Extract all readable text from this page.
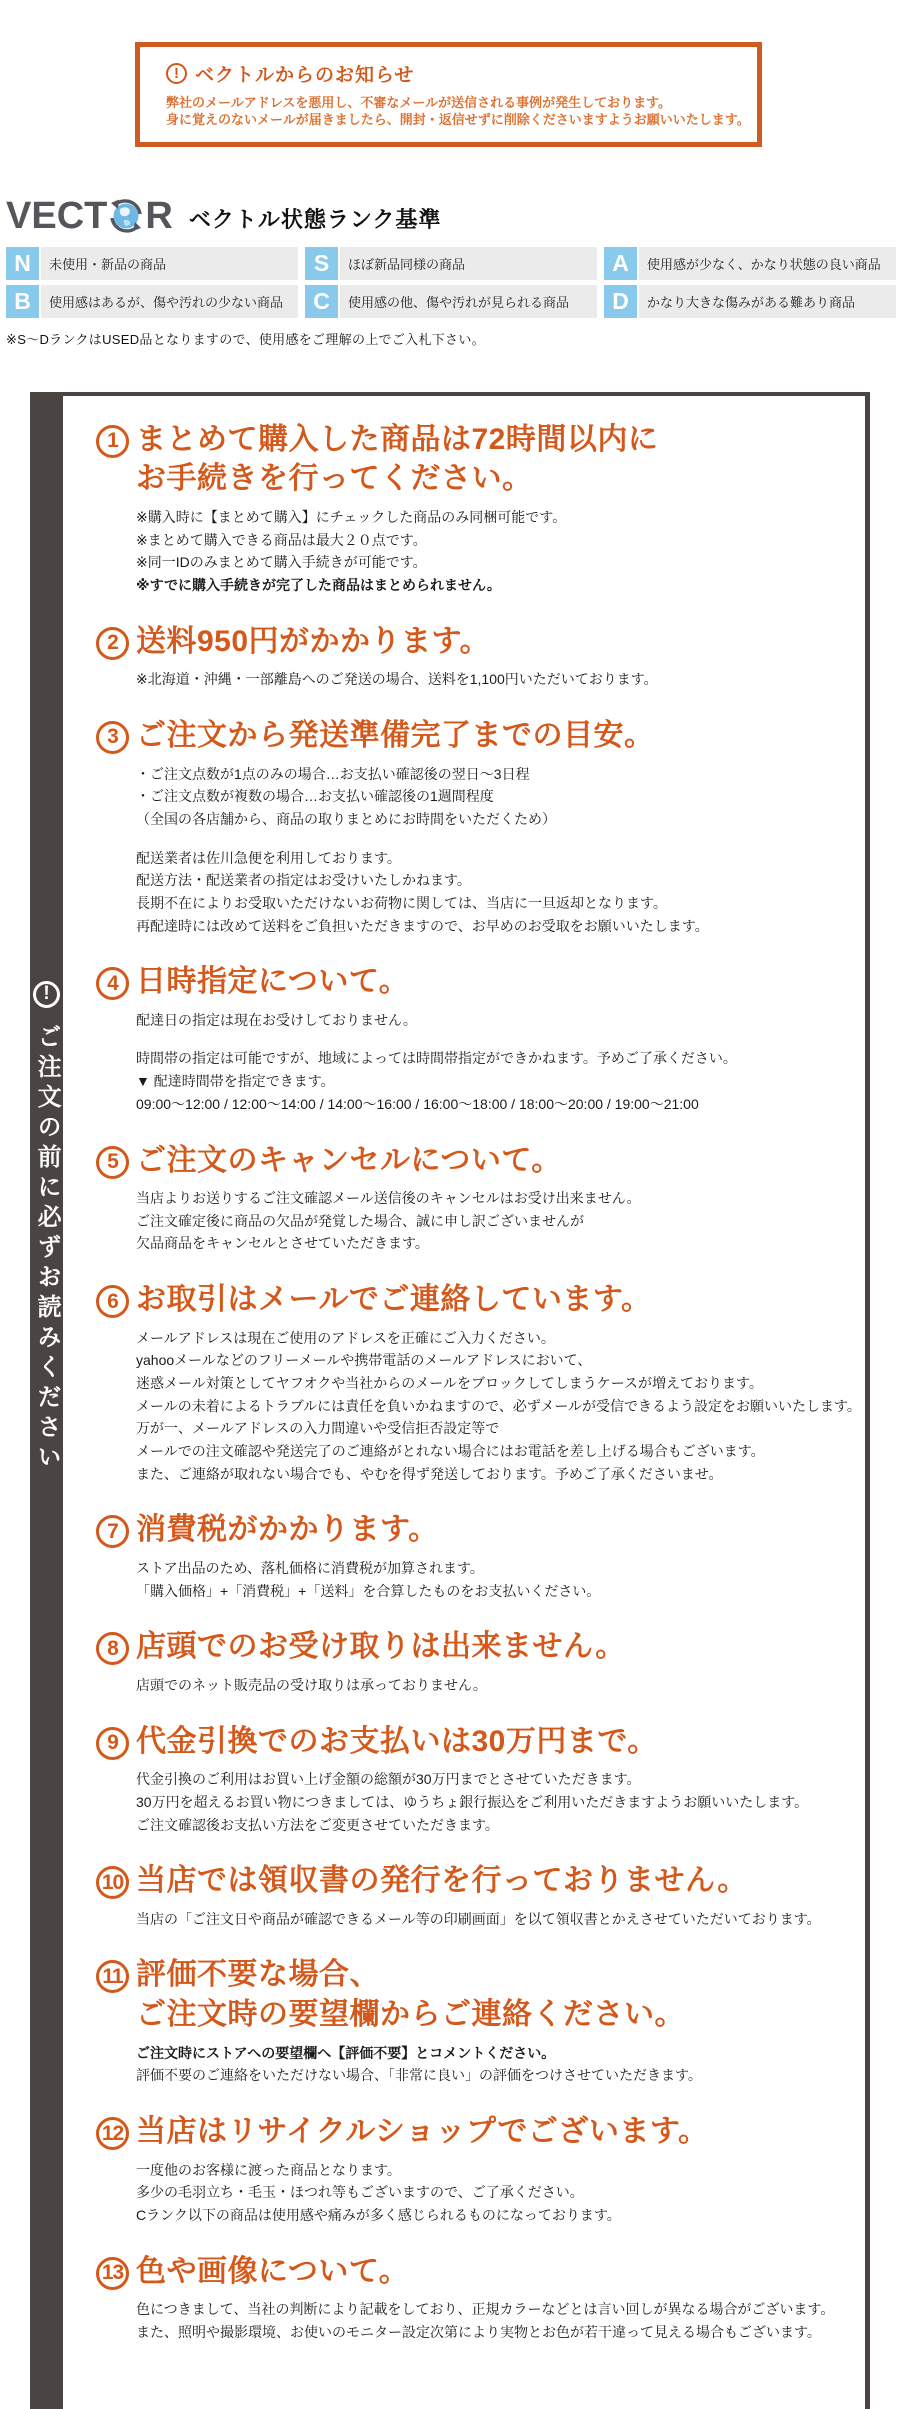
! ベクトルからのお知らせ
弊社のメールアドレスを悪用し、不審なメールが送信される事例が発生しております。
身に覚えのないメールが届きましたら、開封・返信せずに削除くださいますようお願いいたします。
VECT R ベクトル状態ランク基準
N	未使用・新品の商品	S	ほぼ新品同様の商品	A	使用感が少なく、かなり状態の良い商品
B	使用感はあるが、傷や汚れの少ない商品	C	使用感の他、傷や汚れが見られる商品	D	かなり大きな傷みがある難あり商品
※S〜DランクはUSED品となりますので、使用感をご理解の上でご入札下さい。
!
ご注文の前に必ずお読みください
1 まとめて購入した商品は72時間以内に
お手続きを行ってください。
※購入時に【まとめて購入】にチェックした商品のみ同梱可能です。
※まとめて購入できる商品は最大２０点です。
※同一IDのみまとめて購入手続きが可能です。
※すでに購入手続きが完了した商品はまとめられません。
2 送料950円がかかります。
※北海道・沖縄・一部離島へのご発送の場合、送料を1,100円いただいております。
3 ご注文から発送準備完了までの目安。
・ご注文点数が1点のみの場合…お支払い確認後の翌日〜3日程
・ご注文点数が複数の場合…お支払い確認後の1週間程度
（全国の各店舗から、商品の取りまとめにお時間をいただくため）
配送業者は佐川急便を利用しております。
配送方法・配送業者の指定はお受けいたしかねます。
長期不在によりお受取いただけないお荷物に関しては、当店に一旦返却となります。
再配達時には改めて送料をご負担いただきますので、お早めのお受取をお願いいたします。
4 日時指定について。
配達日の指定は現在お受けしておりません。
時間帯の指定は可能ですが、地域によっては時間帯指定ができかねます。予めご了承ください。
▼ 配達時間帯を指定できます。
09:00〜12:00 / 12:00〜14:00 / 14:00〜16:00 / 16:00〜18:00 / 18:00〜20:00 / 19:00〜21:00
5 ご注文のキャンセルについて。
当店よりお送りするご注文確認メール送信後のキャンセルはお受け出来ません。
ご注文確定後に商品の欠品が発覚した場合、誠に申し訳ございませんが
欠品商品をキャンセルとさせていただきます。
6 お取引はメールでご連絡しています。
メールアドレスは現在ご使用のアドレスを正確にご入力ください。
yahooメールなどのフリーメールや携帯電話のメールアドレスにおいて、
迷惑メール対策としてヤフオクや当社からのメールをブロックしてしまうケースが増えております。
メールの未着によるトラブルには責任を負いかねますので、必ずメールが受信できるよう設定をお願いいたします。
万が一、メールアドレスの入力間違いや受信拒否設定等で
メールでの注文確認や発送完了のご連絡がとれない場合にはお電話を差し上げる場合もございます。
また、ご連絡が取れない場合でも、やむを得ず発送しております。予めご了承くださいませ。
7 消費税がかかります。
ストア出品のため、落札価格に消費税が加算されます。
「購入価格」+「消費税」+「送料」を合算したものをお支払いください。
8 店頭でのお受け取りは出来ません。
店頭でのネット販売品の受け取りは承っておりません。
9 代金引換でのお支払いは30万円まで。
代金引換のご利用はお買い上げ金額の総額が30万円までとさせていただきます。
30万円を超えるお買い物につきましては、ゆうちょ銀行振込をご利用いただきますようお願いいたします。
ご注文確認後お支払い方法をご変更させていただきます。
10 当店では領収書の発行を行っておりません。
当店の「ご注文日や商品が確認できるメール等の印刷画面」を以て領収書とかえさせていただいております。
11 評価不要な場合、
ご注文時の要望欄からご連絡ください。
ご注文時にストアへの要望欄へ【評価不要】とコメントください。
評価不要のご連絡をいただけない場合、「非常に良い」の評価をつけさせていただきます。
12 当店はリサイクルショップでございます。
一度他のお客様に渡った商品となります。
多少の毛羽立ち・毛玉・ほつれ等もございますので、ご了承ください。
Cランク以下の商品は使用感や痛みが多く感じられるものになっております。
13 色や画像について。
色につきまして、当社の判断により記載をしており、正規カラーなどとは言い回しが異なる場合がございます。
また、照明や撮影環境、お使いのモニター設定次第により実物とお色が若干違って見える場合もございます。
